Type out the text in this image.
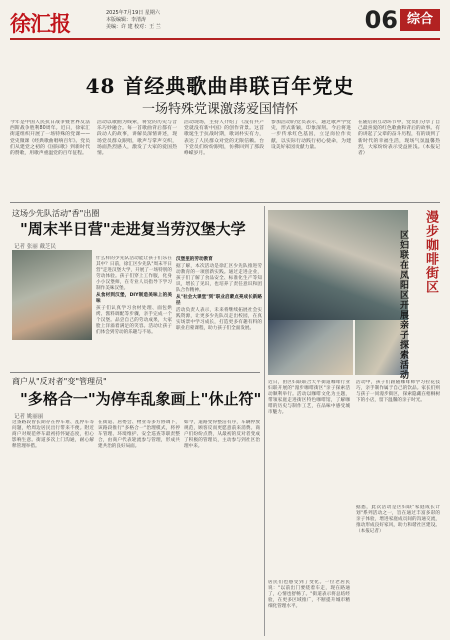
徐汇报	2025年7月19日 星期六
本版编辑：李清涛
美编：许 建 校对：王 兰	06 综合
48 首经典歌曲串联百年党史
一场特殊党课激荡爱国情怀
今年是中国人民抗日战争暨世界反法西斯战争胜利80周年。近日，徐家汇街道组织开展了一场特殊的党课——党史微课《经典歌曲唱响百年》。党员们从建党之初的《国际歌》到新时代的赞歌，用歌声重温党的百年征程。
活动以歌曲为线索，将党的历史与音乐巧妙融合。每一首歌曲背后都有一段动人的故事，讲解员深情讲述，现场党员群众跟唱，歌声与掌声交织，场面热烈感人，激发了大家的爱国热情。
活动现场，主持人介绍了《没有共产党就没有新中国》的创作背景。这首歌诞生于抗战时期，歌词朴实有力，表达了人民群众对党的无限信赖。台下党员们纷纷跟唱，仿佛回到了那段峥嵘岁月。
参加活动的党员表示，通过歌声学党史，形式新颖，印象深刻。今后将进一步传承红色基因，立足岗位作贡献，以实际行动践行初心使命，为建设美好家园贡献力量。
在随后的互动环节中，党员们分享了自己最喜爱的红色歌曲和背后的故事。有的讲起了父辈的奋斗历程，有的谈到了新时代的幸福生活，现场气氛温馨热烈，大家纷纷表示受益匪浅。（本报记者）
这场少先队活动"香"出圈
"周末半日营"走进复当劳汉堡大学
记者 张丽 戴芝民
什么样的少先队活动能让孩子们乐在其中？日前，徐汇区少先队"周末半日营"走进汉堡大学，开展了一场特别的劳动体验。孩子们穿上工作服，化身小小汉堡师，在专业人员指导下学习制作美味汉堡。
从食材到汉堡，DIY制造美味上的美味
孩子们认真学习食材处理、面包烘烤、酱料调配等步骤，亲手完成一个个汉堡。品尝自己的劳动成果，大家脸上洋溢着满足的笑容。活动让孩子们体会到劳动的乐趣与不易。
汉堡里的劳动教育
据了解，本次活动是徐汇区少先队推进劳动教育的一项创新实践。通过走进企业，孩子们了解了食品安全、标准化生产等知识，增长了见识，也培养了责任意识和团队合作精神。
从"社会大课堂"到"职业启蒙点亮成长新路径
活动负责人表示，未来将继续拓展社会实践资源，让更多少先队员走出校园，在真实场景中学习成长，打造更多有趣有料的职业启蒙课程，助力孩子们全面发展。
漫步咖啡街区
区妇联在凤阳区开展亲子探索活动
商户从"反对者"变"管理员"
"多格合一"为停车乱象画上"休止符"
记者 姚丽丽
这条路段曾长期存在停车难、乱停车等问题，给周边居民出行带来不便。附近商户对规范停车最初持怀疑态度，担心影响生意。街道多次上门沟通，耐心解释管理举措。
在街道、居委会、物业等多方协调下，该路段推行"多格合一"治理模式，将停车管理、环境维护、安全巡查等职责整合，由商户代表轮流参与管理，形成共建共治的良好局面。
如今，道路变得整洁有序，车辆停放规范，顾客反而更愿意前来消费。商户们纷纷点赞，从最初的反对者变成了积极的管理员，主动参与到社区治理中来。
近日，由区妇联联合天平街道咖啡行业妇联开展的"漫步咖啡街区"亲子探索活动顺利举行。活动以咖啡文化为主题，带领家庭走进街区特色咖啡馆，了解咖啡的历史与制作工艺，在品味中感受城市魅力。
活动中，孩子们跟随咖啡师学习拉花技巧，亲手制作属于自己的饮品。家长们则与孩子一同漫步街区，探索隐藏在梧桐树下的小店，留下温馨的亲子时光。
据悉，此次活动是区妇联"家庭成长计划"系列活动之一，旨在通过丰富多彩的亲子体验，增进家庭成员间的沟通交流，推动形成良好家风，助力和谐社区建设。（本报记者）
居民们也感受到了变化。一位老居民说："以前出门要绕着车走，现在路通了，心情也舒畅了。"街道表示将总结经验，在更多区域推广，不断提升城市精细化管理水平。
